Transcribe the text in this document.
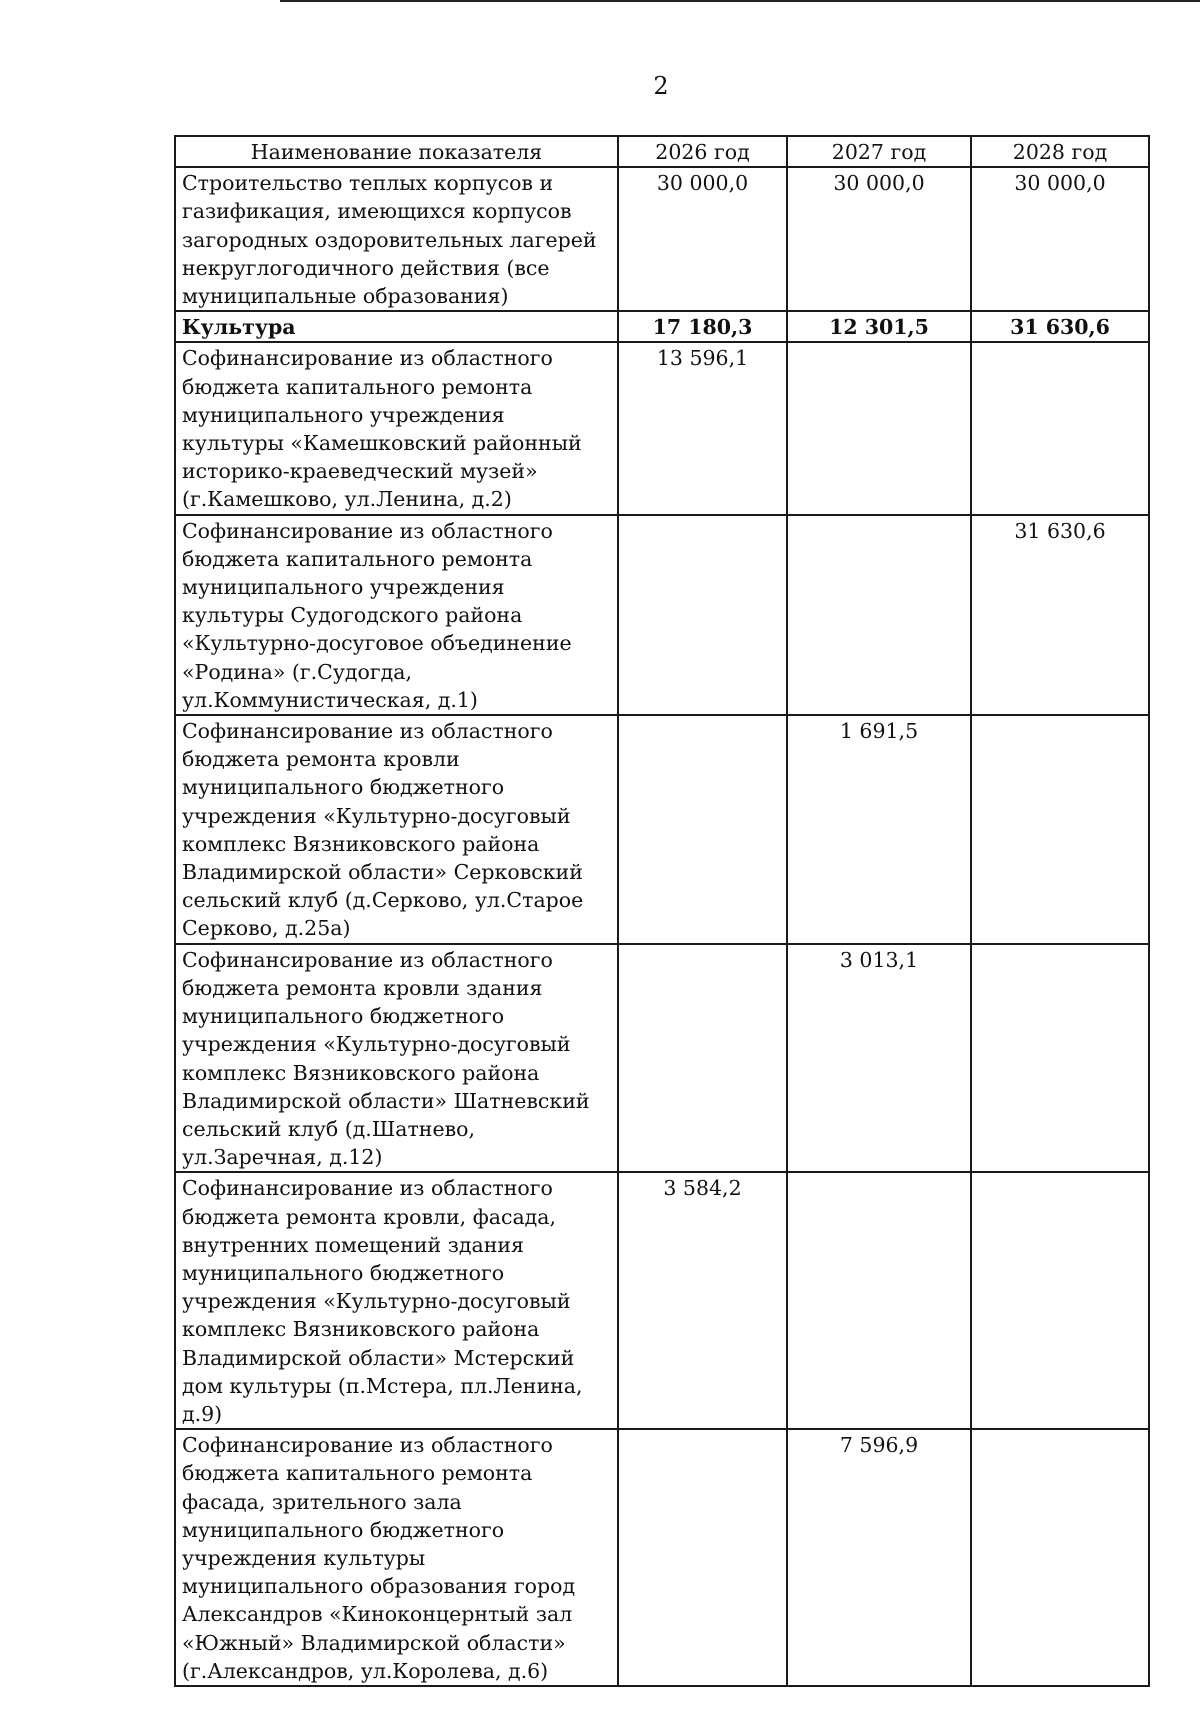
2
Наименование показателя	2026 год	2027 год	2028 год
Строительство теплых корпусов и газификация, имеющихся корпусов загородных оздоровительных лагерей некруглогодичного действия (все муниципальные образования)	30 000,0	30 000,0	30 000,0
Культура	17 180,3	12 301,5	31 630,6
Софинансирование из областного бюджета капитального ремонта муниципального учреждения культуры «Камешковский районный историко-краеведческий музей» (г.Камешково, ул.Ленина, д.2)	13 596,1		
Софинансирование из областного бюджета капитального ремонта муниципального учреждения культуры Судогодского района «Культурно-досуговое объединение «Родина» (г.Судогда, ул.Коммунистическая, д.1)			31 630,6
Софинансирование из областного бюджета ремонта кровли муниципального бюджетного учреждения «Культурно-досуговый комплекс Вязниковского района Владимирской области» Серковский сельский клуб (д.Серково, ул.Старое Серково, д.25а)		1 691,5	
Софинансирование из областного бюджета ремонта кровли здания муниципального бюджетного учреждения «Культурно-досуговый комплекс Вязниковского района Владимирской области» Шатневский сельский клуб (д.Шатнево, ул.Заречная, д.12)		3 013,1	
Софинансирование из областного бюджета ремонта кровли, фасада, внутренних помещений здания муниципального бюджетного учреждения «Культурно-досуговый комплекс Вязниковского района Владимирской области» Мстерский дом культуры (п.Мстера, пл.Ленина, д.9)	3 584,2		
Софинансирование из областного бюджета капитального ремонта фасада, зрительного зала муниципального бюджетного учреждения культуры муниципального образования город Александров «Киноконцернтый зал «Южный» Владимирской области» (г.Александров, ул.Королева, д.6)		7 596,9	
